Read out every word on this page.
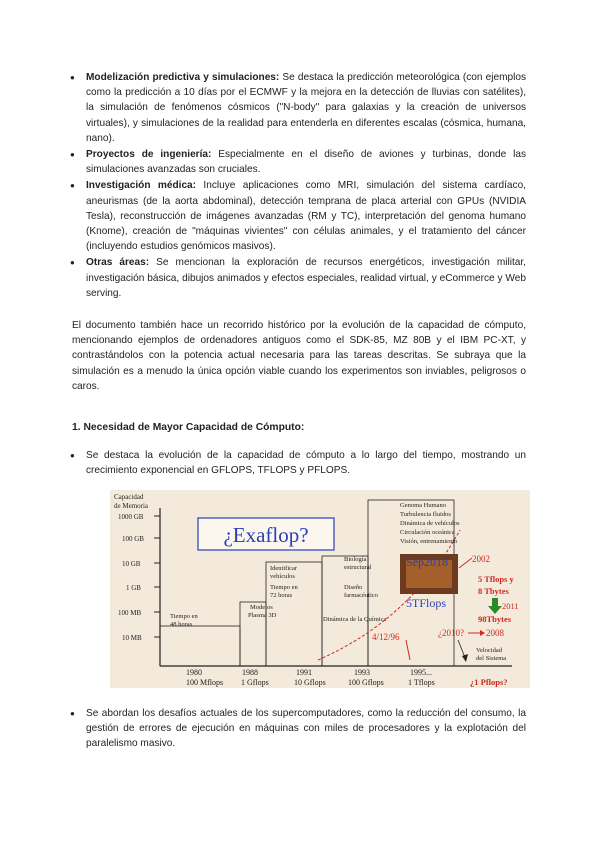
● Modelización predictiva y simulaciones: Se destaca la predicción meteorológica (con ejemplos como la predicción a 10 días por el ECMWF y la mejora en la detección de lluvias con satélites), la simulación de fenómenos cósmicos ("N-body" para galaxias y la creación de universos virtuales), y simulaciones de la realidad para entenderla en diferentes escalas (cósmica, humana, nano).
● Proyectos de ingeniería: Especialmente en el diseño de aviones y turbinas, donde las simulaciones avanzadas son cruciales.
● Investigación médica: Incluye aplicaciones como MRI, simulación del sistema cardíaco, aneurismas (de la aorta abdominal), detección temprana de placa arterial con GPUs (NVIDIA Tesla), reconstrucción de imágenes avanzadas (RM y TC), interpretación del genoma humano (Knome), creación de "máquinas vivientes" con células animales, y el tratamiento del cáncer (incluyendo estudios genómicos masivos).
● Otras áreas: Se mencionan la exploración de recursos energéticos, investigación militar, investigación básica, dibujos animados y efectos especiales, realidad virtual, y eCommerce y Web serving.

El documento también hace un recorrido histórico por la evolución de la capacidad de cómputo, mencionando ejemplos de ordenadores antiguos como el SDK-85, MZ 80B y el IBM PC-XT, y contrastándolos con la potencia actual necesaria para las tareas descritas. Se subraya que la simulación es a menudo la única opción viable cuando los experimentos son inviables, peligrosos o caros.

1. Necesidad de Mayor Capacidad de Cómputo:

● Se destaca la evolución de la capacidad de cómputo a lo largo del tiempo, mostrando un crecimiento exponencial en GFLOPS, TFLOPS y PFLOPS.
Capacidad
de Memoria
1000 GB
100 GB
10 GB
1 GB
100 MB
10 MB
¿Exaflop?
Tiempo en
48 horas
Modelos
Plasma 3D
Identificar
vehículos
Tiempo en
72 horas
Dinámica de la Química
Biología
estructural
Diseño
farmacéutico
Genoma Humano
Turbulencia fluidos
Dinámica de vehículos
Circulación oceánica
Visión, entrenamiento
4/12/96
Sep2018
5TFlops
2002
5 Tflops y
8 Tbytes
2011
98Tbytes
¿2010? 2008
Velocidad
del Sistema
1980	1988	1991	1993	1995...
100 Mflops 1 Gflops	10 Gflops	100 Gflops	1 Tflops	¿1 Pflops?
● Se abordan los desafíos actuales de los supercomputadores, como la reducción del consumo, la gestión de errores de ejecución en máquinas con miles de procesadores y la explotación del paralelismo masivo.
